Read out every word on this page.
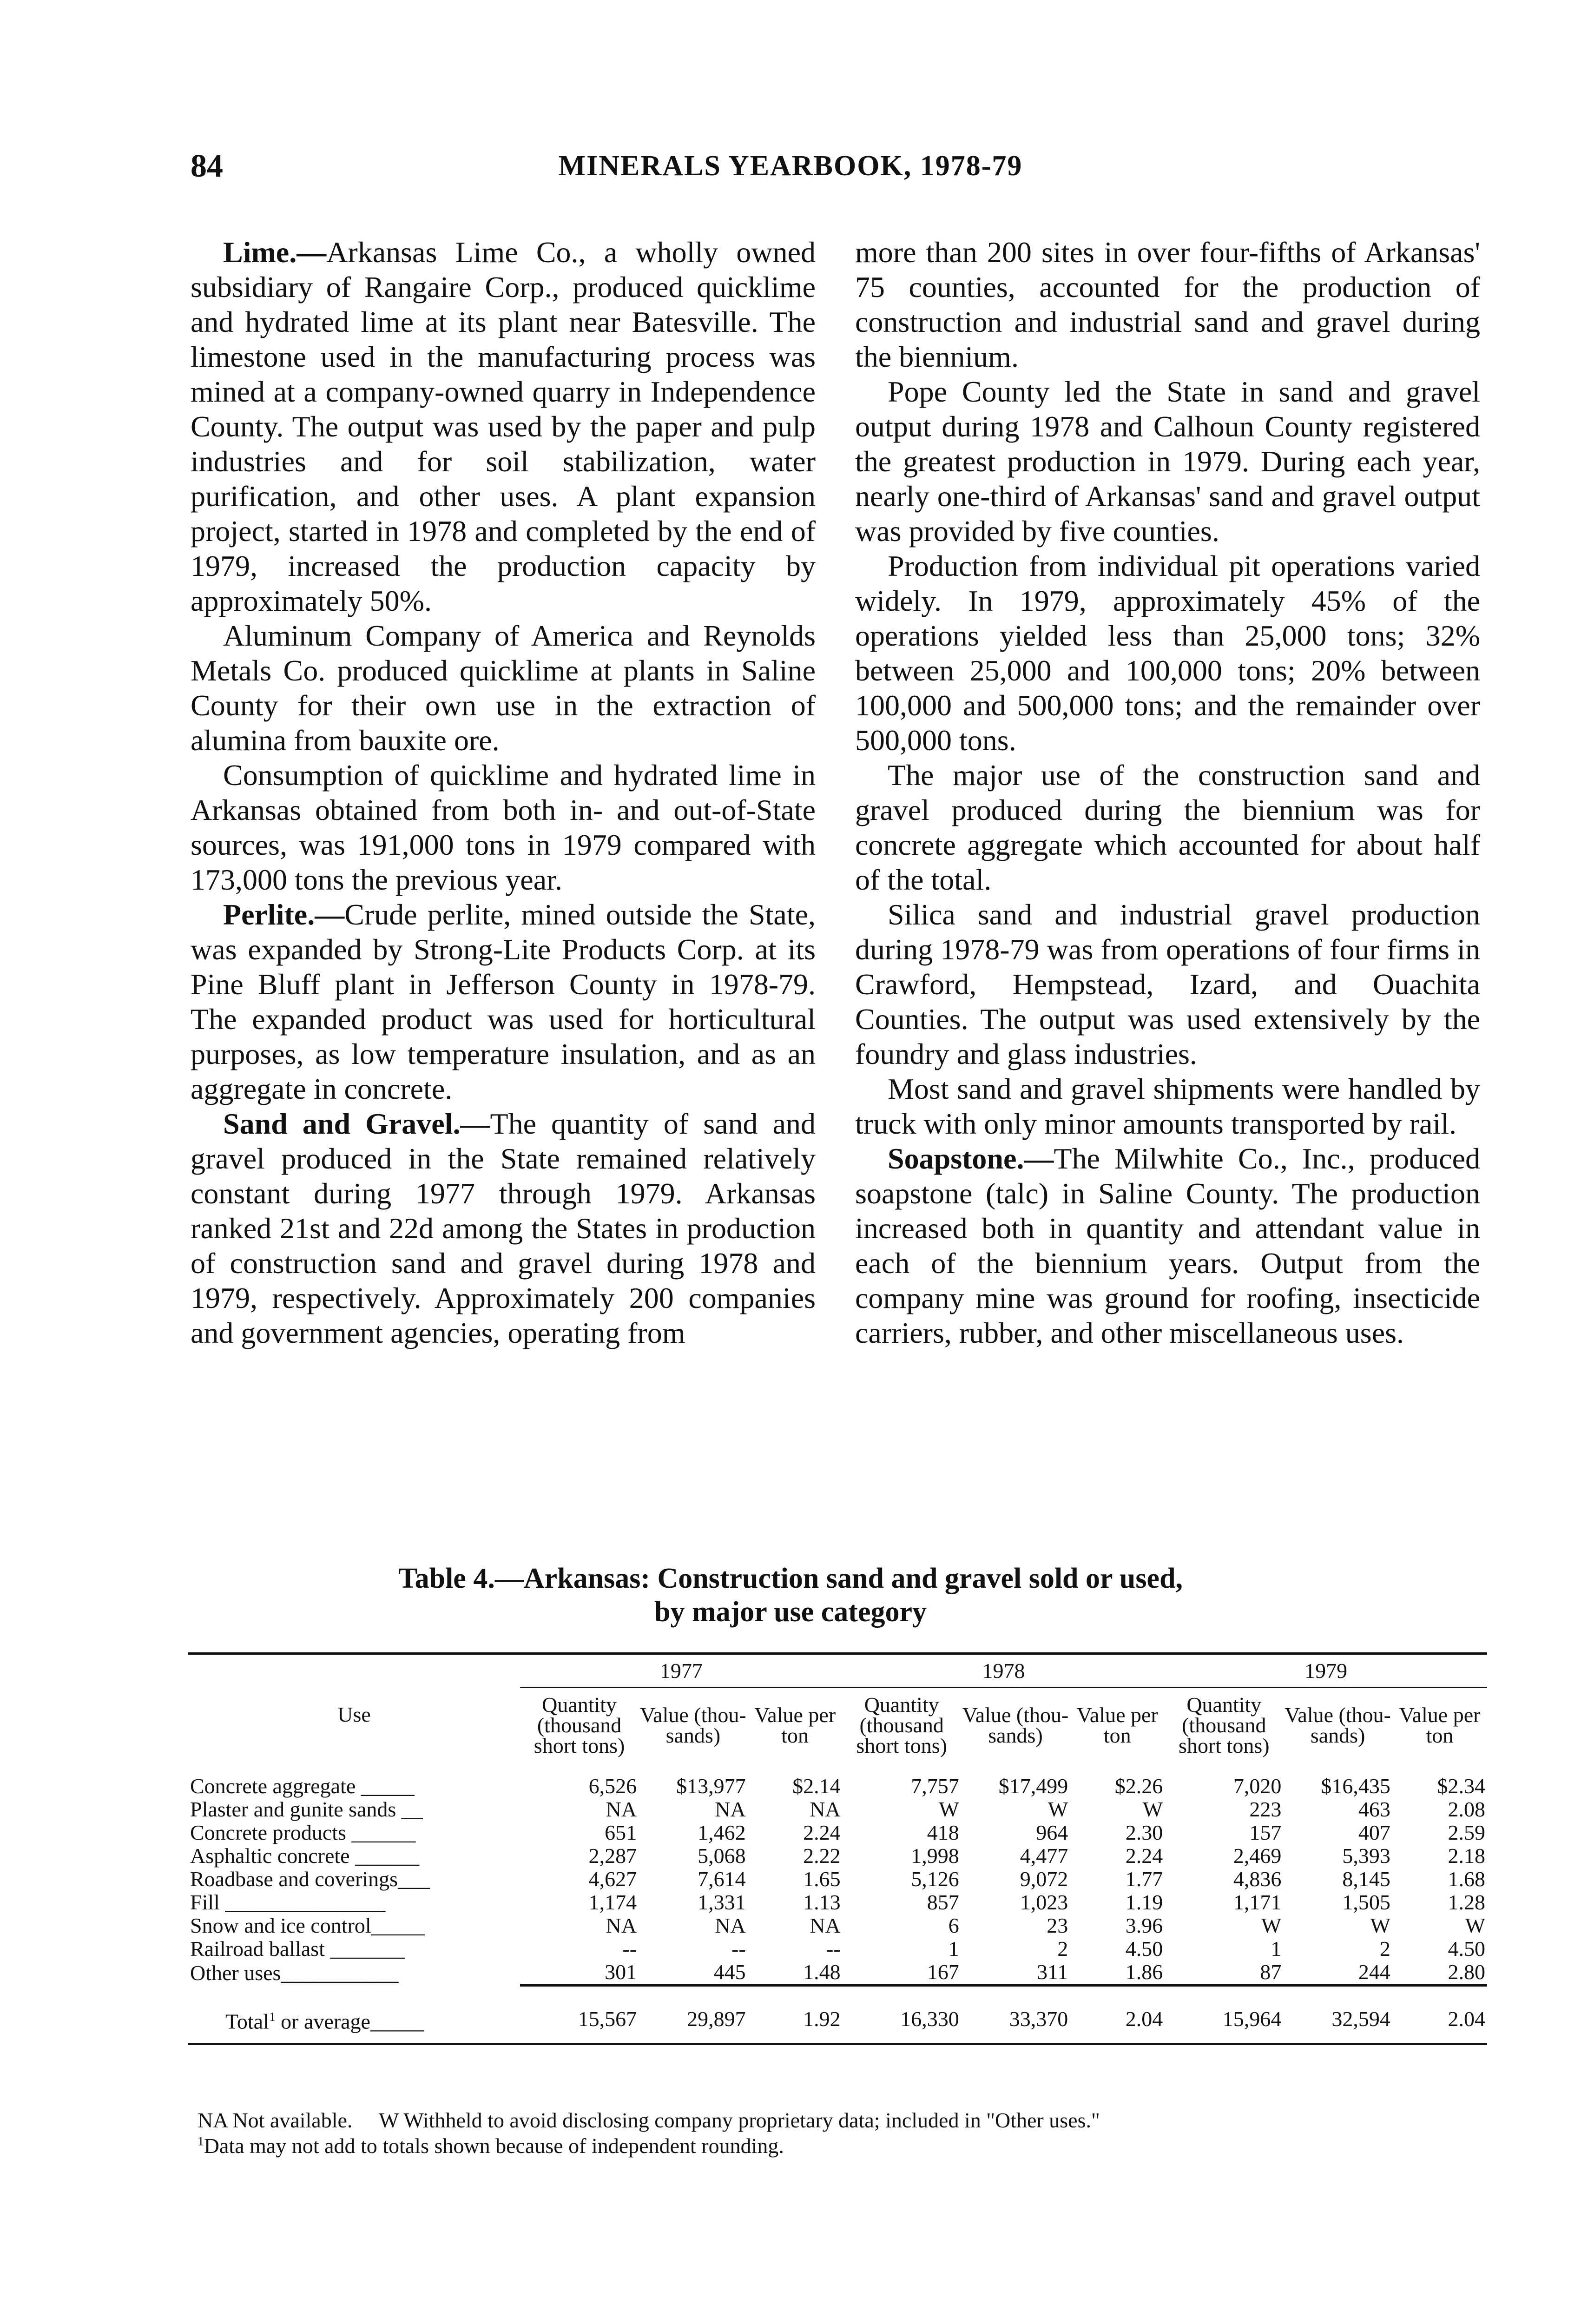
84	MINERALS YEARBOOK, 1978-79

Lime.—Arkansas Lime Co., a wholly owned subsidiary of Rangaire Corp., produced quicklime and hydrated lime at its plant near Batesville. The limestone used in the manufacturing process was mined at a company-owned quarry in Independence County. The output was used by the paper and pulp industries and for soil stabilization, water purification, and other uses. A plant expansion project, started in 1978 and completed by the end of 1979, increased the production capacity by approximately 50%.

Aluminum Company of America and Reynolds Metals Co. produced quicklime at plants in Saline County for their own use in the extraction of alumina from bauxite ore.

Consumption of quicklime and hydrated lime in Arkansas obtained from both in- and out-of-State sources, was 191,000 tons in 1979 compared with 173,000 tons the previous year.

Perlite.—Crude perlite, mined outside the State, was expanded by Strong-Lite Products Corp. at its Pine Bluff plant in Jefferson County in 1978-79. The expanded product was used for horticultural purposes, as low temperature insulation, and as an aggregate in concrete.

Sand and Gravel.—The quantity of sand and gravel produced in the State remained relatively constant during 1977 through 1979. Arkansas ranked 21st and 22d among the States in production of construction sand and gravel during 1978 and 1979, respectively. Approximately 200 companies and government agencies, operating from

more than 200 sites in over four-fifths of Arkansas' 75 counties, accounted for the production of construction and industrial sand and gravel during the biennium.

Pope County led the State in sand and gravel output during 1978 and Calhoun County registered the greatest production in 1979. During each year, nearly one-third of Arkansas' sand and gravel output was provided by five counties.

Production from individual pit operations varied widely. In 1979, approximately 45% of the operations yielded less than 25,000 tons; 32% between 25,000 and 100,000 tons; 20% between 100,000 and 500,000 tons; and the remainder over 500,000 tons.

The major use of the construction sand and gravel produced during the biennium was for concrete aggregate which accounted for about half of the total.

Silica sand and industrial gravel production during 1978-79 was from operations of four firms in Crawford, Hempstead, Izard, and Ouachita Counties. The output was used extensively by the foundry and glass industries.

Most sand and gravel shipments were handled by truck with only minor amounts transported by rail.

Soapstone.—The Milwhite Co., Inc., produced soapstone (talc) in Saline County. The production increased both in quantity and attendant value in each of the biennium years. Output from the company mine was ground for roofing, insecticide carriers, rubber, and other miscellaneous uses.

Table 4.—Arkansas: Construction sand and gravel sold or used,
by major use category
Use	1977			1978			1979		
	Quantity (thousand short tons)	Value (thou-sands)	Value per ton	Quantity (thousand short tons)	Value (thou-sands)	Value per ton	Quantity (thousand short tons)	Value (thou-sands)	Value per ton
Concrete aggregate _____	6,526	$13,977	$2.14	7,757	$17,499	$2.26	7,020	$16,435	$2.34
Plaster and gunite sands __	NA	NA	NA	W	W	W	223	463	2.08
Concrete products ______	651	1,462	2.24	418	964	2.30	157	407	2.59
Asphaltic concrete ______	2,287	5,068	2.22	1,998	4,477	2.24	2,469	5,393	2.18
Roadbase and coverings___	4,627	7,614	1.65	5,126	9,072	1.77	4,836	8,145	1.68
Fill _______________	1,174	1,331	1.13	857	1,023	1.19	1,171	1,505	1.28
Snow and ice control_____	NA	NA	NA	6	23	3.96	W	W	W
Railroad ballast _______	--	--	--	1	2	4.50	1	2	4.50
Other uses___________	301	445	1.48	167	311	1.86	87	244	2.80

Total$^1$ or average_____	15,567	29,897	1.92	16,330	33,370	2.04	15,964	32,594	2.04
NA Not available.     W Withheld to avoid disclosing company proprietary data; included in "Other uses."
$^1$Data may not add to totals shown because of independent rounding.
